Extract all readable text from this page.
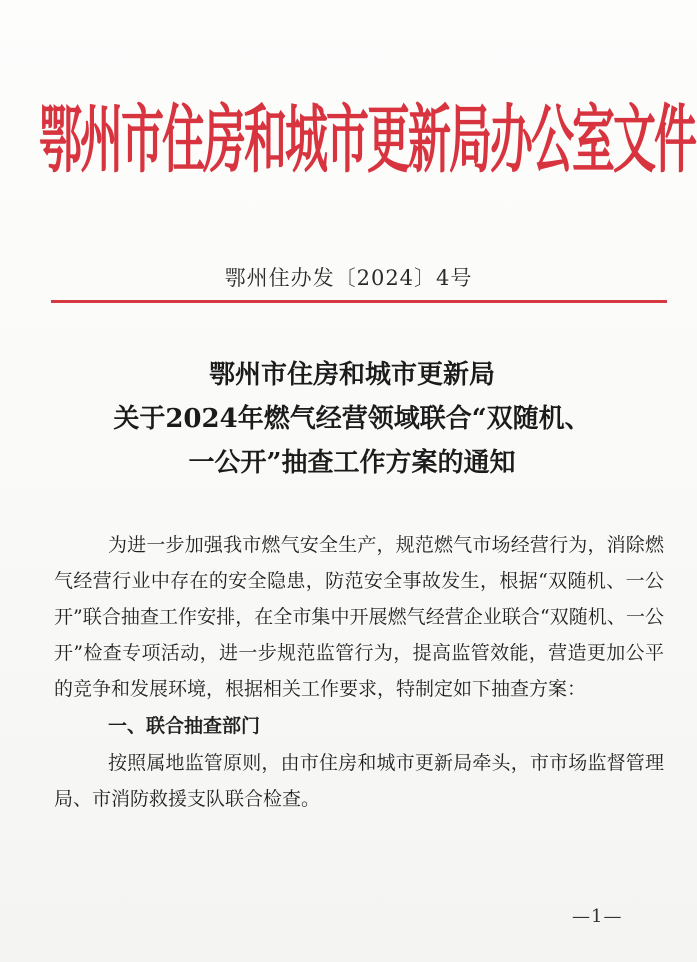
鄂州市住房和城市更新局办公室文件
鄂州住办发〔2024〕4号
鄂州市住房和城市更新局
关于2024年燃气经营领域联合“双随机、
一公开”抽查工作方案的通知

为进一步加强我市燃气安全生产，规范燃气市场经营行为，消除燃气经营行业中存在的安全隐患，防范安全事故发生，根据“双随机、一公开”联合抽查工作安排，在全市集中开展燃气经营企业联合“双随机、一公开”检查专项活动，进一步规范监管行为，提高监管效能，营造更加公平的竞争和发展环境，根据相关工作要求，特制定如下抽查方案：

一、联合抽查部门

按照属地监管原则，由市住房和城市更新局牵头，市市场监督管理局、市消防救援支队联合检查。

—1—
